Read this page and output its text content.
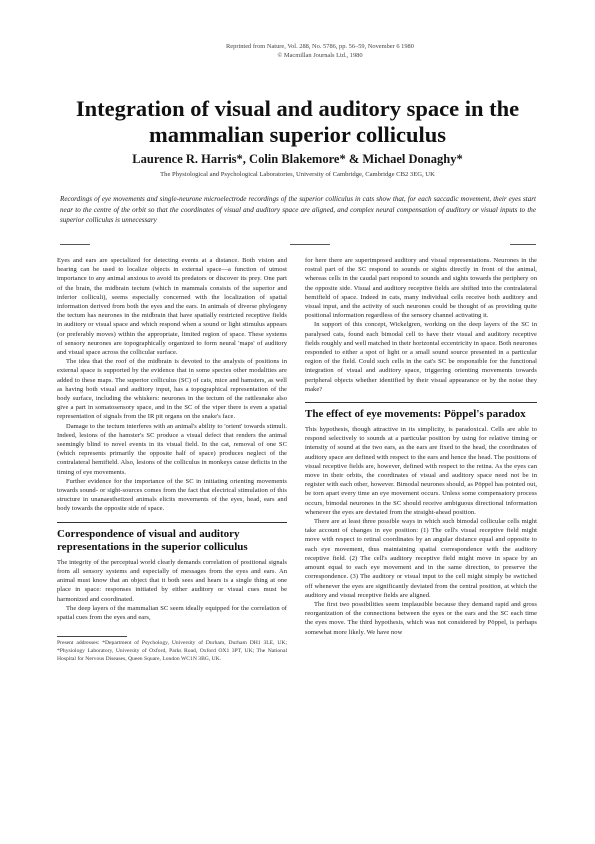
Reprinted from Nature, Vol. 288, No. 5786, pp. 56–59, November 6 1980
© Macmillan Journals Ltd., 1980
Integration of visual and auditory space in the mammalian superior colliculus
Laurence R. Harris*, Colin Blakemore* & Michael Donaghy*
The Physiological and Psychological Laboratories, University of Cambridge, Cambridge CB2 3EG, UK
Recordings of eye movements and single-neurone microelectrode recordings of the superior colliculus in cats show that, for each saccadic movement, their eyes start near to the centre of the orbit so that the coordinates of visual and auditory space are aligned, and complex neural compensation of auditory or visual inputs to the superior colliculus is unnecessary

Eyes and ears are specialized for detecting events at a distance. Both vision and hearing can be used to localize objects in external space—a function of utmost importance to any animal anxious to avoid its predators or discover its prey. One part of the brain, the midbrain tectum (which in mammals consists of the superior and inferior colliculi), seems especially concerned with the localization of spatial information derived from both the eyes and the ears. In animals of diverse phylogeny the tectum has neurones in the midbrain that have spatially restricted receptive fields in auditory or visual space and which respond when a sound or light stimulus appears (or preferably moves) within the appropriate, limited region of space. These systems of sensory neurones are topographically organized to form neural 'maps' of auditory and visual space across the collicular surface.

The idea that the roof of the midbrain is devoted to the analysis of positions in external space is supported by the evidence that in some species other modalities are added to these maps. The superior colliculus (SC) of cats, mice and hamsters, as well as having both visual and auditory input, has a topographical representation of the body surface, including the whiskers: neurones in the tectum of the rattlesnake also give a part in somatosensory space, and in the SC of the viper there is even a spatial representation of signals from the IR pit organs on the snake's face.

Damage to the tectum interferes with an animal's ability to 'orient' towards stimuli. Indeed, lesions of the hamster's SC produce a visual defect that renders the animal seemingly blind to novel events in its visual field. In the cat, removal of one SC (which represents primarily the opposite half of space) produces neglect of the contralateral hemifield. Also, lesions of the colliculus in monkeys cause deficits in the timing of eye movements.

Further evidence for the importance of the SC in initiating orienting movements towards sound- or sight-sources comes from the fact that electrical stimulation of this structure in unanaesthetized animals elicits movements of the eyes, head, ears and body towards the opposite side of space.

Correspondence of visual and auditory representations in the superior colliculus

The integrity of the perceptual world clearly demands correlation of positional signals from all sensory systems and especially of messages from the eyes and ears. An animal must know that an object that it both sees and hears is a single thing at one place in space: responses initiated by either auditory or visual cues must be harmonized and coordinated.

The deep layers of the mammalian SC seem ideally equipped for the correlation of spatial cues from the eyes and ears,

Present addresses: *Department of Psychology, University of Durham, Durham DH1 3LE, UK; *Physiology Laboratory, University of Oxford, Parks Road, Oxford OX1 3PT, UK; The National Hospital for Nervous Diseases, Queen Square, London WC1N 3BG, UK.

for here there are superimposed auditory and visual representations. Neurones in the rostral part of the SC respond to sounds or sights directly in front of the animal, whereas cells in the caudal part respond to sounds and sights towards the periphery on the opposite side. Visual and auditory receptive fields are shifted into the contralateral hemifield of space. Indeed in cats, many individual cells receive both auditory and visual input, and the activity of such neurones could be thought of as providing quite positional information regardless of the sensory channel activating it.

In support of this concept, Wickelgren, working on the deep layers of the SC in paralysed cats, found each bimodal cell to have their visual and auditory receptive fields roughly and well matched in their horizontal eccentricity in space. Both neurones responded to either a spot of light or a small sound source presented in a particular region of the field. Could such cells in the cat's SC be responsible for the functional integration of visual and auditory space, triggering orienting movements towards peripheral objects whether identified by their visual appearance or by the noise they make?

The effect of eye movements: Pöppel's paradox

This hypothesis, though attractive in its simplicity, is paradoxical. Cells are able to respond selectively to sounds at a particular position by using for relative timing or intensity of sound at the two ears, as the ears are fixed to the head, the coordinates of auditory space are defined with respect to the ears and hence the head. The positions of visual receptive fields are, however, defined with respect to the retina. As the eyes can move in their orbits, the coordinates of visual and auditory space need not be in register with each other, however. Bimodal neurones should, as Pöppel has pointed out, be torn apart every time an eye movement occurs. Unless some compensatory process occurs, bimodal neurones in the SC should receive ambiguous directional information whenever the eyes are deviated from the straight-ahead position.

There are at least three possible ways in which such bimodal collicular cells might take account of changes in eye position: (1) The cell's visual receptive field might move with respect to retinal coordinates by an angular distance equal and opposite to each eye movement, thus maintaining spatial correspondence with the auditory receptive field. (2) The cell's auditory receptive field might move in space by an amount equal to each eye movement and in the same direction, to preserve the correspondence. (3) The auditory or visual input to the cell might simply be switched off whenever the eyes are significantly deviated from the central position, at which the auditory and visual receptive fields are aligned.

The first two possibilities seem implausible because they demand rapid and gross reorganization of the connections between the eyes or the ears and the SC each time the eyes move. The third hypothesis, which was not considered by Pöppel, is perhaps somewhat more likely. We have now
